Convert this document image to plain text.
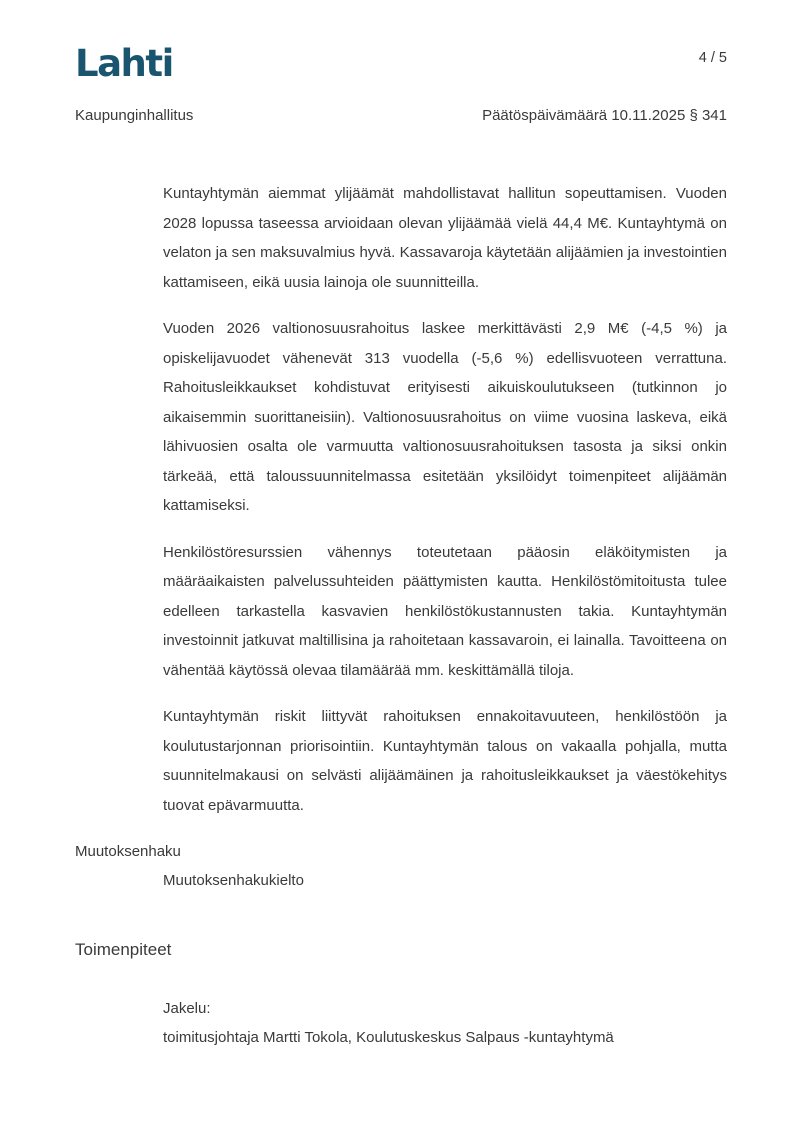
Lahti	4 / 5
Kaupunginhallitus	Päätöspäivämäärä 10.11.2025 § 341

Kuntayhtymän aiemmat ylijäämät mahdollistavat hallitun sopeuttamisen. Vuoden 2028 lopussa taseessa arvioidaan olevan ylijäämää vielä 44,4 M€. Kuntayhtymä on velaton ja sen maksuvalmius hyvä. Kassavaroja käytetään alijäämien ja investointien kattamiseen, eikä uusia lainoja ole suunnitteilla.

Vuoden 2026 valtionosuusrahoitus laskee merkittävästi 2,9 M€ (-4,5 %) ja opiskelijavuodet vähenevät 313 vuodella (-5,6 %) edellisvuoteen verrattuna. Rahoitusleikkaukset kohdistuvat erityisesti aikuiskoulutukseen (tutkinnon jo aikaisemmin suorittaneisiin). Valtionosuusrahoitus on viime vuosina laskeva, eikä lähivuosien osalta ole varmuutta valtionosuusrahoituksen tasosta ja siksi onkin tärkeää, että taloussuunnitelmassa esitetään yksilöidyt toimenpiteet alijäämän kattamiseksi.

Henkilöstöresurssien vähennys toteutetaan pääosin eläköitymisten ja määräaikaisten palvelussuhteiden päättymisten kautta. Henkilöstömitoitusta tulee edelleen tarkastella kasvavien henkilöstökustannusten takia. Kuntayhtymän investoinnit jatkuvat maltillisina ja rahoitetaan kassavaroin, ei lainalla. Tavoitteena on vähentää käytössä olevaa tilamäärää mm. keskittämällä tiloja.

Kuntayhtymän riskit liittyvät rahoituksen ennakoitavuuteen, henkilöstöön ja koulutustarjonnan priorisointiin. Kuntayhtymän talous on vakaalla pohjalla, mutta suunnitelmakausi on selvästi alijäämäinen ja rahoitusleikkaukset ja väestökehitys tuovat epävarmuutta.

Muutoksenhaku
Muutoksenhakukielto
Toimenpiteet
Jakelu:
toimitusjohtaja Martti Tokola, Koulutuskeskus Salpaus -kuntayhtymä
